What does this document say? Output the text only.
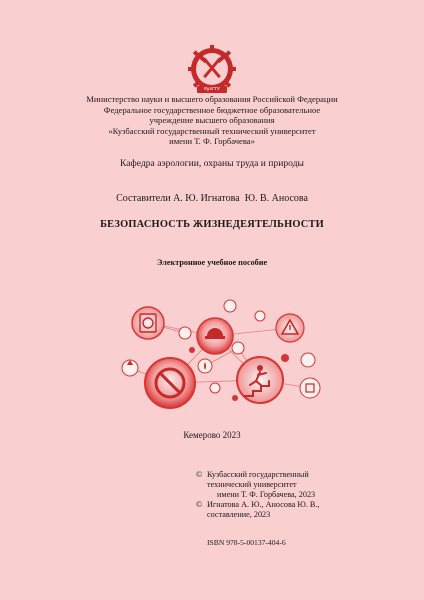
КузГТУ
Министерство науки и высшего образования Российской Федерации
Федеральное государственное бюджетное образовательное
учреждение высшего образования
«Кузбасский государственный технический университет
имени Т. Ф. Горбачева»
Кафедра аэрологии, охраны труда и природы
Составители А. Ю. Игнатова  Ю. В. Аносова
БЕЗОПАСНОСТЬ ЖИЗНЕДЕЯТЕЛЬНОСТИ
Электронное учебное пособие
Кемерово 2023
© Кузбасский государственный
технический университет
имени Т. Ф. Горбачева, 2023
© Игнатова А. Ю., Аносова Ю. В.,
составление, 2023
ISBN 978-5-00137-404-6
